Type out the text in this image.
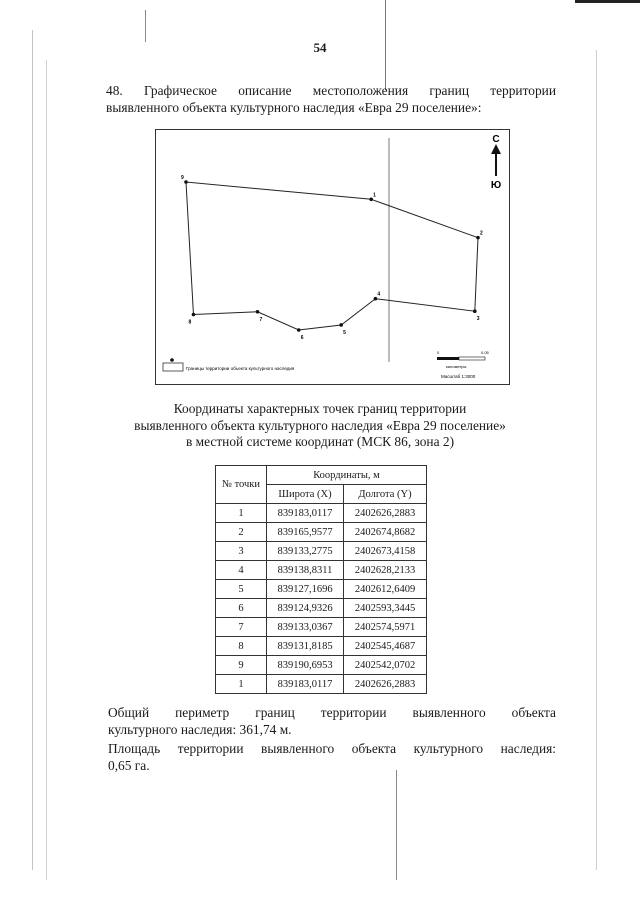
54
48. Графическое описание местоположения границ территории
выявленного объекта культурного наследия «Евра 29 поселение»:
1
2
3
4
5
6
7
8
9
С
Ю
Границы территории объекта культурного наследия
0	0.05
километры
Масштаб 1:3000
Координаты характерных точек границ территории
выявленного объекта культурного наследия «Евра 29 поселение»
в местной системе координат (МСК 86, зона 2)
№ точки	Координаты, м	
	Широта (X)	Долгота (Y)
1	839183,0117	2402626,2883
2	839165,9577	2402674,8682
3	839133,2775	2402673,4158
4	839138,8311	2402628,2133
5	839127,1696	2402612,6409
6	839124,9326	2402593,3445
7	839133,0367	2402574,5971
8	839131,8185	2402545,4687
9	839190,6953	2402542,0702
1	839183,0117	2402626,2883
Общий периметр границ территории выявленного объекта
культурного наследия: 361,74 м.
Площадь территории выявленного объекта культурного наследия:
0,65 га.
